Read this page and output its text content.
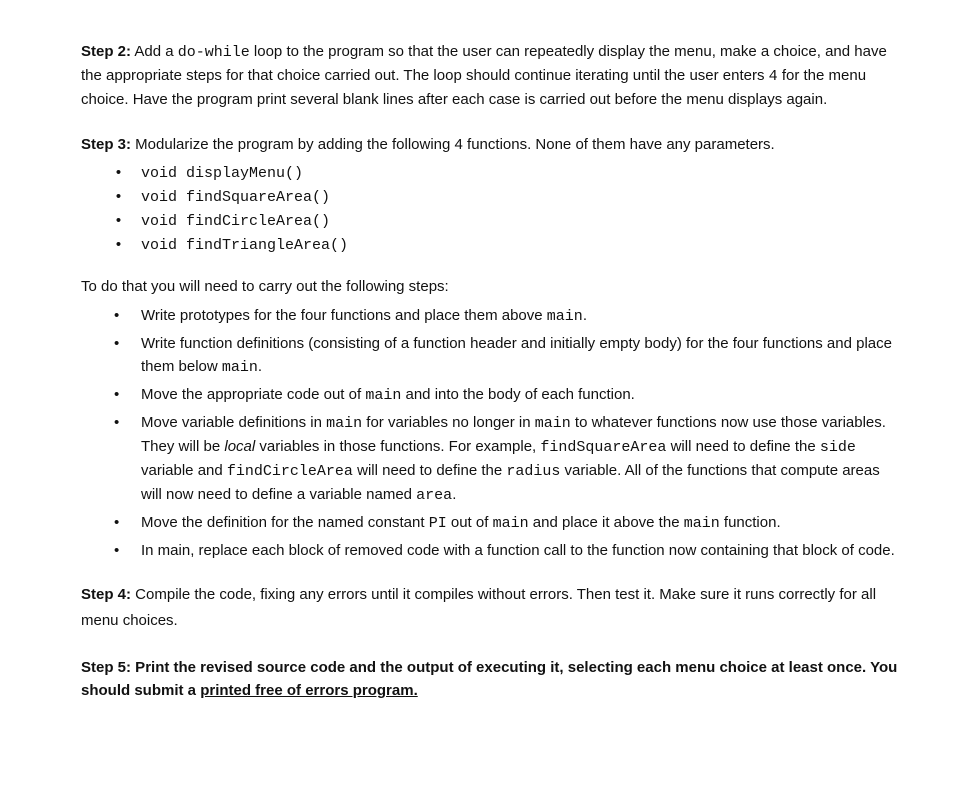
Step 2: Add a do-while loop to the program so that the user can repeatedly display the menu, make a choice, and have the appropriate steps for that choice carried out. The loop should continue iterating until the user enters 4 for the menu choice. Have the program print several blank lines after each case is carried out before the menu displays again.

Step 3: Modularize the program by adding the following 4 functions. None of them have any parameters.

• void displayMenu()
• void findSquareArea()
• void findCircleArea()
• void findTriangleArea()

To do that you will need to carry out the following steps:

• Write prototypes for the four functions and place them above main.
• Write function definitions (consisting of a function header and initially empty body) for the four functions and place them below main.
• Move the appropriate code out of main and into the body of each function.
• Move variable definitions in main for variables no longer in main to whatever functions now use those variables. They will be local variables in those functions. For example, findSquareArea will need to define the side variable and findCircleArea will need to define the radius variable. All of the functions that compute areas will now need to define a variable named area.
• Move the definition for the named constant PI out of main and place it above the main function.
• In main, replace each block of removed code with a function call to the function now containing that block of code.

Step 4: Compile the code, fixing any errors until it compiles without errors. Then test it. Make sure it runs correctly for all menu choices.

Step 5: Print the revised source code and the output of executing it, selecting each menu choice at least once. You should submit a printed free of errors program.
